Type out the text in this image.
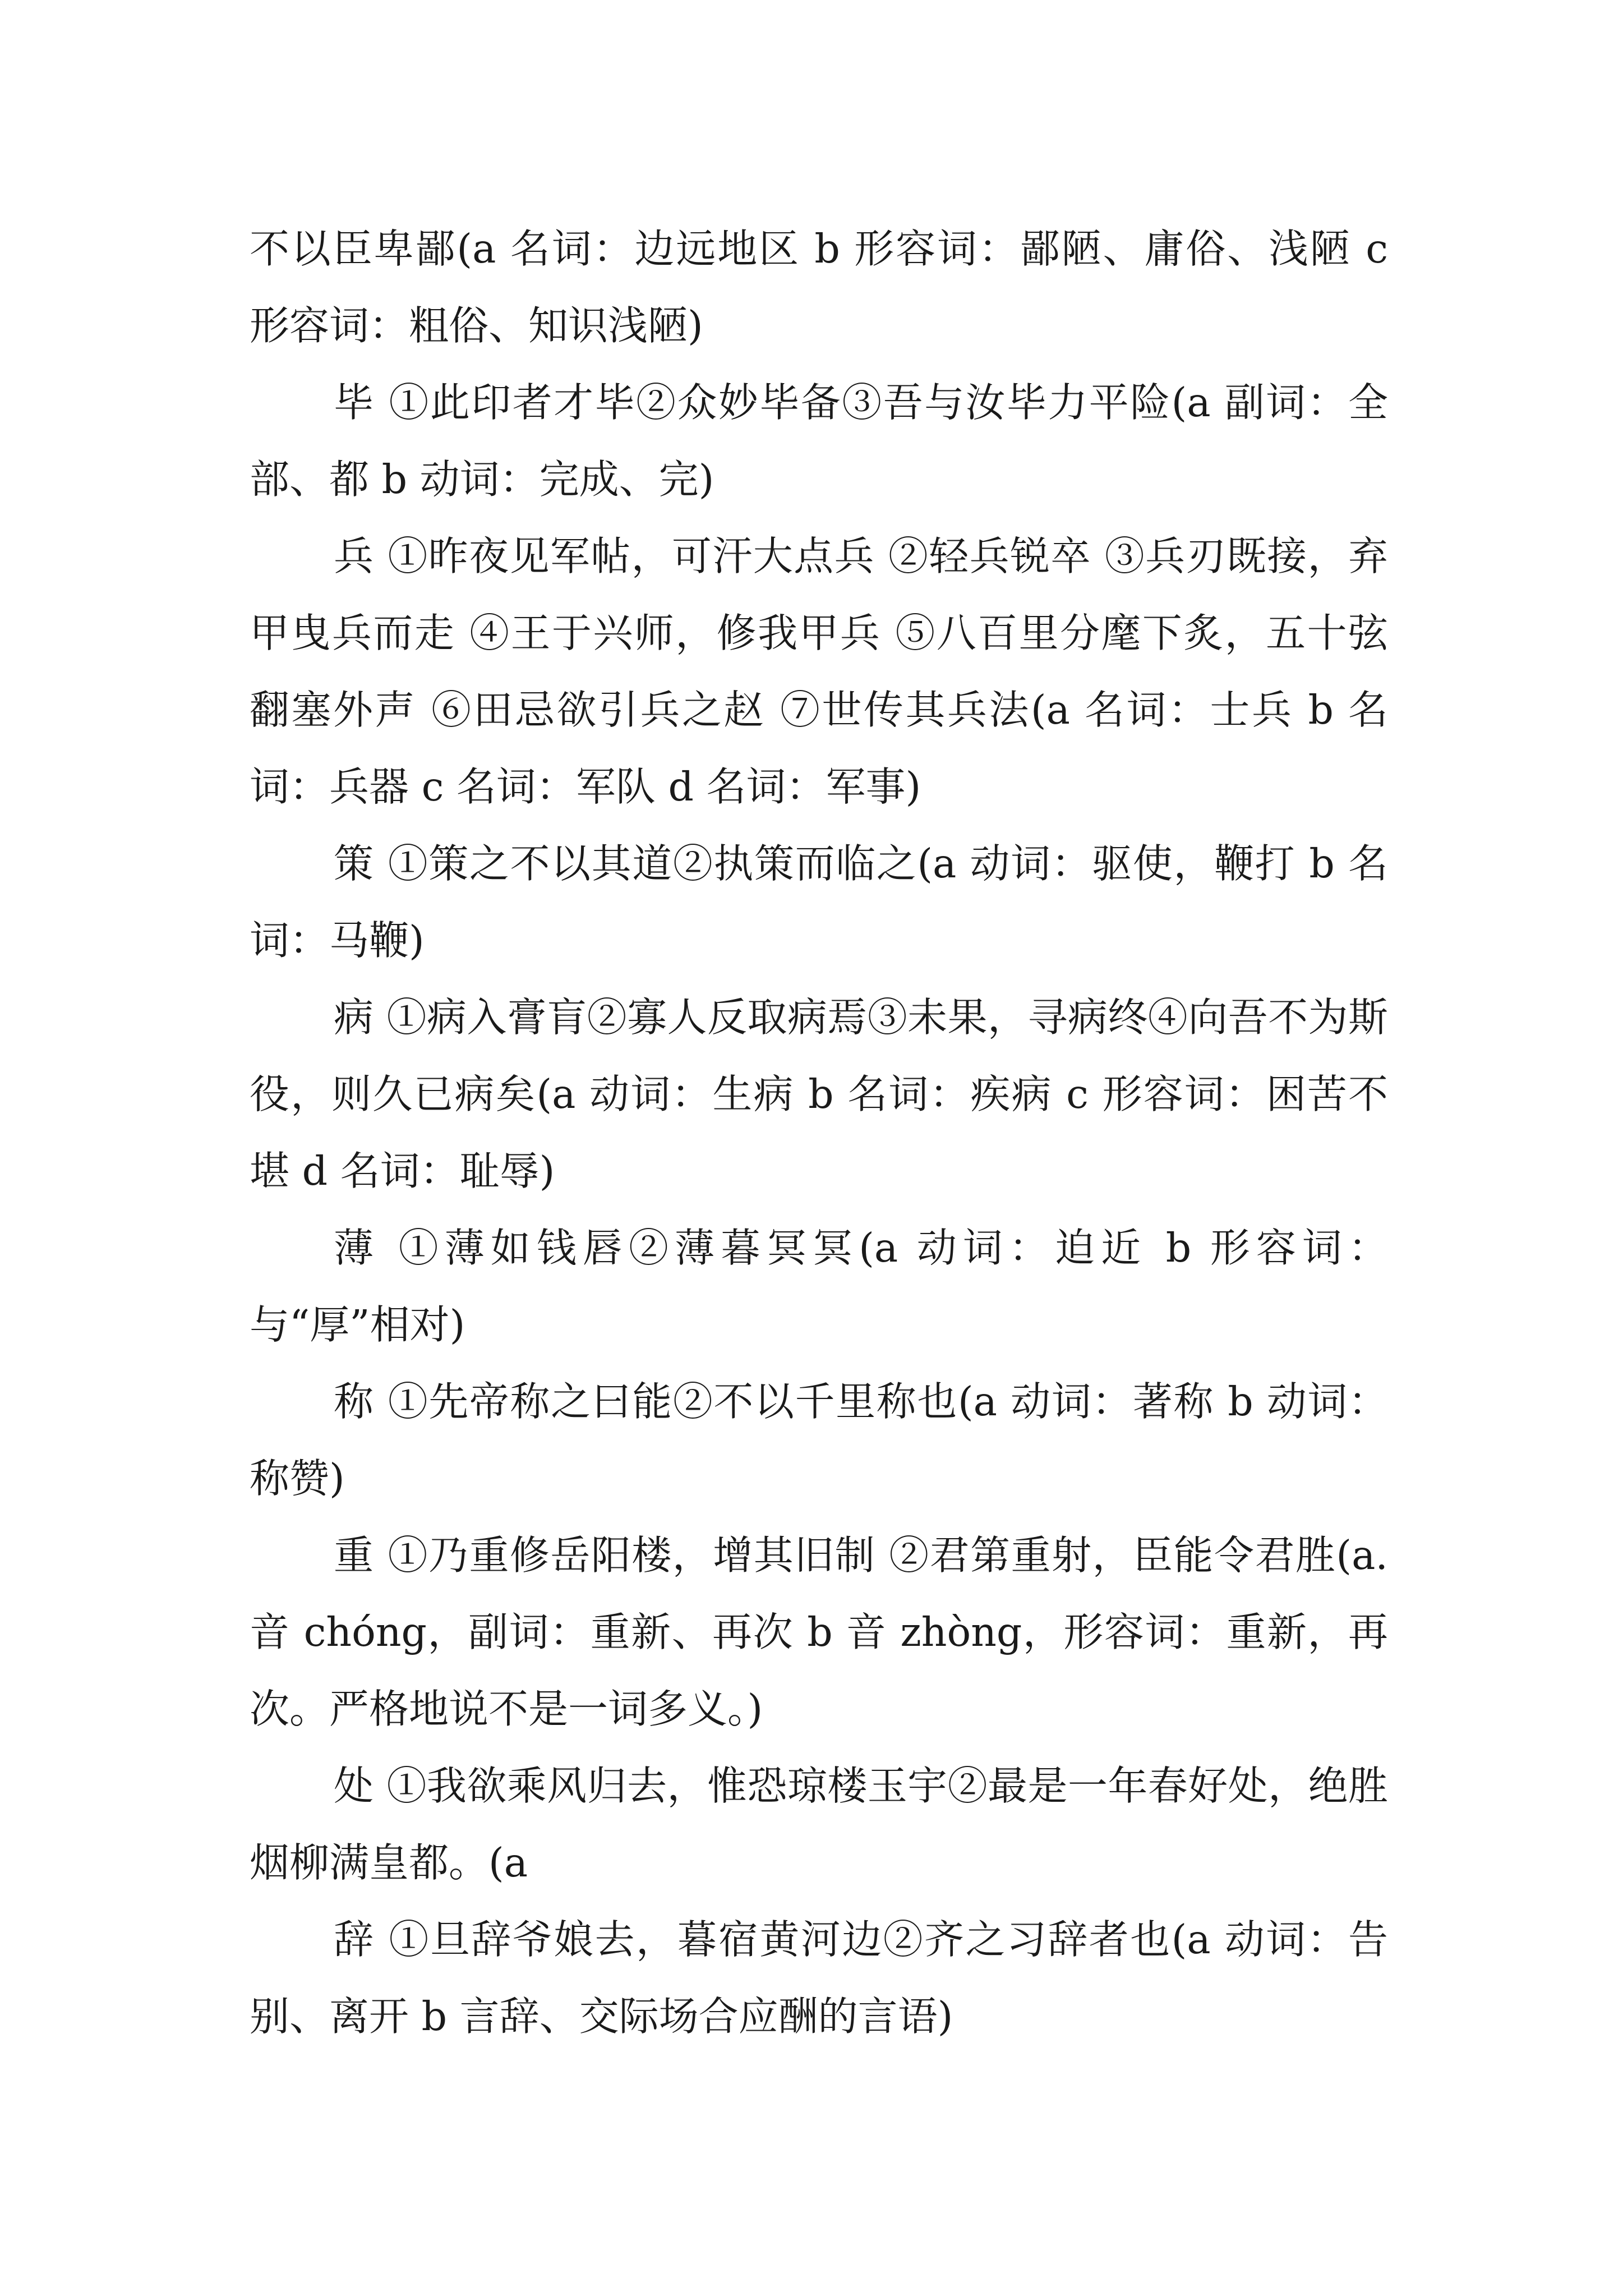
不以臣卑鄙(a 名词：边远地区 b 形容词：鄙陋、庸俗、浅陋 c 形容词：粗俗、知识浅陋)

毕 ①此印者才毕②众妙毕备③吾与汝毕力平险(a 副词：全部、都 b 动词：完成、完)

兵 ①昨夜见军帖，可汗大点兵 ②轻兵锐卒 ③兵刃既接，弃甲曳兵而走 ④王于兴师，修我甲兵 ⑤八百里分麾下炙，五十弦翻塞外声 ⑥田忌欲引兵之赵 ⑦世传其兵法(a 名词：士兵 b 名词：兵器 c 名词：军队 d 名词：军事)

策 ①策之不以其道②执策而临之(a 动词：驱使，鞭打 b 名词：马鞭)

病 ①病入膏肓②寡人反取病焉③未果，寻病终④向吾不为斯役，则久已病矣(a 动词：生病 b 名词：疾病 c 形容词：困苦不堪 d 名词：耻辱)

薄 ①薄如钱唇②薄暮冥冥(a 动词：迫近 b 形容词：与“厚”相对)

称 ①先帝称之曰能②不以千里称也(a 动词：著称 b 动词：称赞)

重 ①乃重修岳阳楼，增其旧制 ②君第重射，臣能令君胜(a. 音 chóng，副词：重新、再次 b 音 zhòng，形容词：重新，再次。严格地说不是一词多义。)

处 ①我欲乘风归去，惟恐琼楼玉宇②最是一年春好处，绝胜烟柳满皇都。(a

辞 ①旦辞爷娘去，暮宿黄河边②齐之习辞者也(a 动词：告别、离开 b 言辞、交际场合应酬的言语)
